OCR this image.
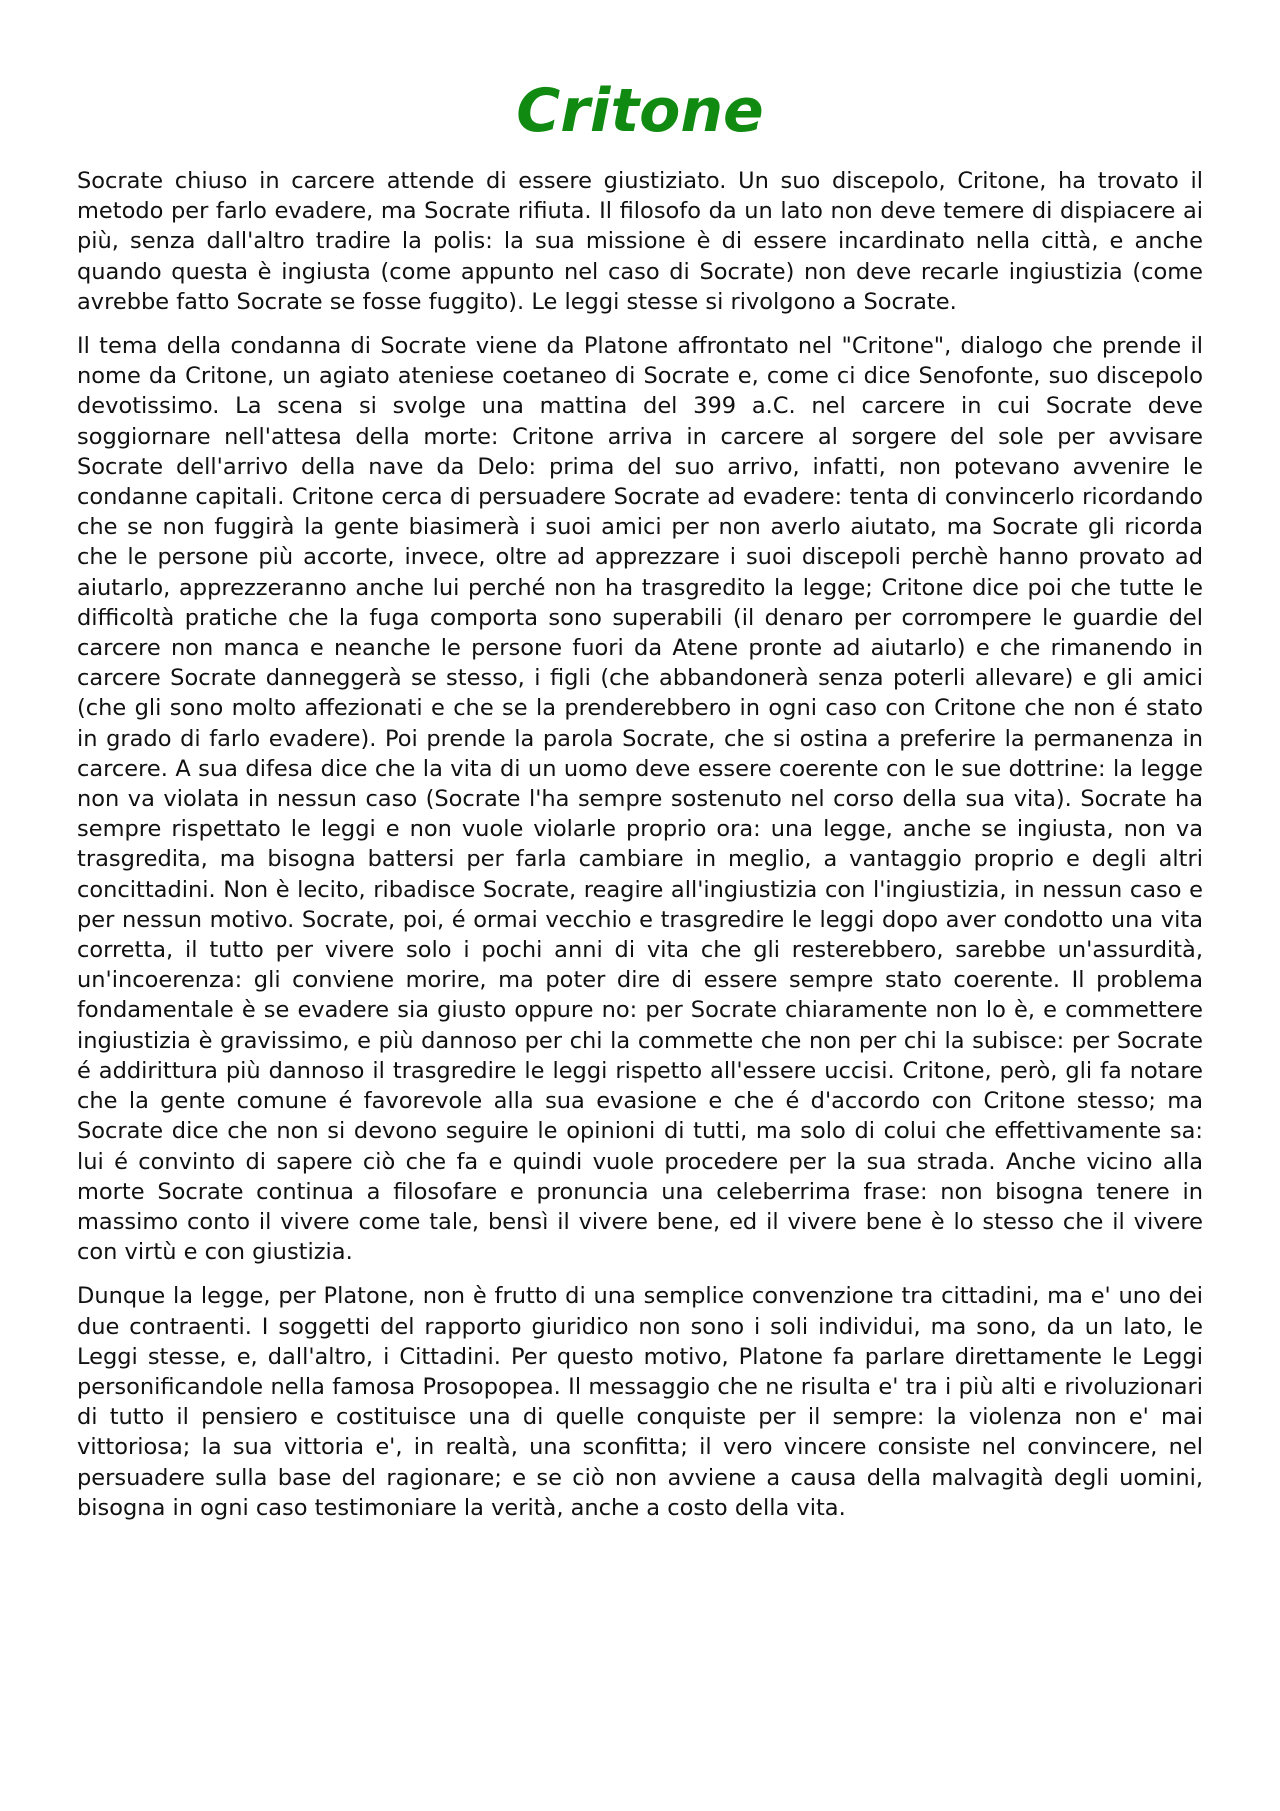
Critone

Socrate chiuso in carcere attende di essere giustiziato. Un suo discepolo, Critone, ha trovato il metodo per farlo evadere, ma Socrate rifiuta. Il filosofo da un lato non deve temere di dispiacere ai più, senza dall'altro tradire la polis: la sua missione è di essere incardinato nella città, e anche quando questa è ingiusta (come appunto nel caso di Socrate) non deve recarle ingiustizia (come avrebbe fatto Socrate se fosse fuggito). Le leggi stesse si rivolgono a Socrate.

Il tema della condanna di Socrate viene da Platone affrontato nel "Critone", dialogo che prende il nome da Critone, un agiato ateniese coetaneo di Socrate e, come ci dice Senofonte, suo discepolo devotissimo. La scena si svolge una mattina del 399 a.C. nel carcere in cui Socrate deve soggiornare nell'attesa della morte: Critone arriva in carcere al sorgere del sole per avvisare Socrate dell'arrivo della nave da Delo: prima del suo arrivo, infatti, non potevano avvenire le condanne capitali. Critone cerca di persuadere Socrate ad evadere: tenta di convincerlo ricordando che se non fuggirà la gente biasimerà i suoi amici per non averlo aiutato, ma Socrate gli ricorda che le persone più accorte, invece, oltre ad apprezzare i suoi discepoli perchè hanno provato ad aiutarlo, apprezzeranno anche lui perché non ha trasgredito la legge; Critone dice poi che tutte le difficoltà pratiche che la fuga comporta sono superabili (il denaro per corrompere le guardie del carcere non manca e neanche le persone fuori da Atene pronte ad aiutarlo) e che rimanendo in carcere Socrate danneggerà se stesso, i figli (che abbandonerà senza poterli allevare) e gli amici (che gli sono molto affezionati e che se la prenderebbero in ogni caso con Critone che non é stato in grado di farlo evadere). Poi prende la parola Socrate, che si ostina a preferire la permanenza in carcere. A sua difesa dice che la vita di un uomo deve essere coerente con le sue dottrine: la legge non va violata in nessun caso (Socrate l'ha sempre sostenuto nel corso della sua vita). Socrate ha sempre rispettato le leggi e non vuole violarle proprio ora: una legge, anche se ingiusta, non va trasgredita, ma bisogna battersi per farla cambiare in meglio, a vantaggio proprio e degli altri concittadini. Non è lecito, ribadisce Socrate, reagire all'ingiustizia con l'ingiustizia, in nessun caso e per nessun motivo. Socrate, poi, é ormai vecchio e trasgredire le leggi dopo aver condotto una vita corretta, il tutto per vivere solo i pochi anni di vita che gli resterebbero, sarebbe un'assurdità, un'incoerenza: gli conviene morire, ma poter dire di essere sempre stato coerente. Il problema fondamentale è se evadere sia giusto oppure no: per Socrate chiaramente non lo è, e commettere ingiustizia è gravissimo, e più dannoso per chi la commette che non per chi la subisce: per Socrate é addirittura più dannoso il trasgredire le leggi rispetto all'essere uccisi. Critone, però, gli fa notare che la gente comune é favorevole alla sua evasione e che é d'accordo con Critone stesso; ma Socrate dice che non si devono seguire le opinioni di tutti, ma solo di colui che effettivamente sa: lui é convinto di sapere ciò che fa e quindi vuole procedere per la sua strada. Anche vicino alla morte Socrate continua a filosofare e pronuncia una celeberrima frase: non bisogna tenere in massimo conto il vivere come tale, bensì il vivere bene, ed il vivere bene è lo stesso che il vivere con virtù e con giustizia.

Dunque la legge, per Platone, non è frutto di una semplice convenzione tra cittadini, ma e' uno dei due contraenti. I soggetti del rapporto giuridico non sono i soli individui, ma sono, da un lato, le Leggi stesse, e, dall'altro, i Cittadini. Per questo motivo, Platone fa parlare direttamente le Leggi personificandole nella famosa Prosopopea. Il messaggio che ne risulta e' tra i più alti e rivoluzionari di tutto il pensiero e costituisce una di quelle conquiste per il sempre: la violenza non e' mai vittoriosa; la sua vittoria e', in realtà, una sconfitta; il vero vincere consiste nel convincere, nel persuadere sulla base del ragionare; e se ciò non avviene a causa della malvagità degli uomini, bisogna in ogni caso testimoniare la verità, anche a costo della vita.
